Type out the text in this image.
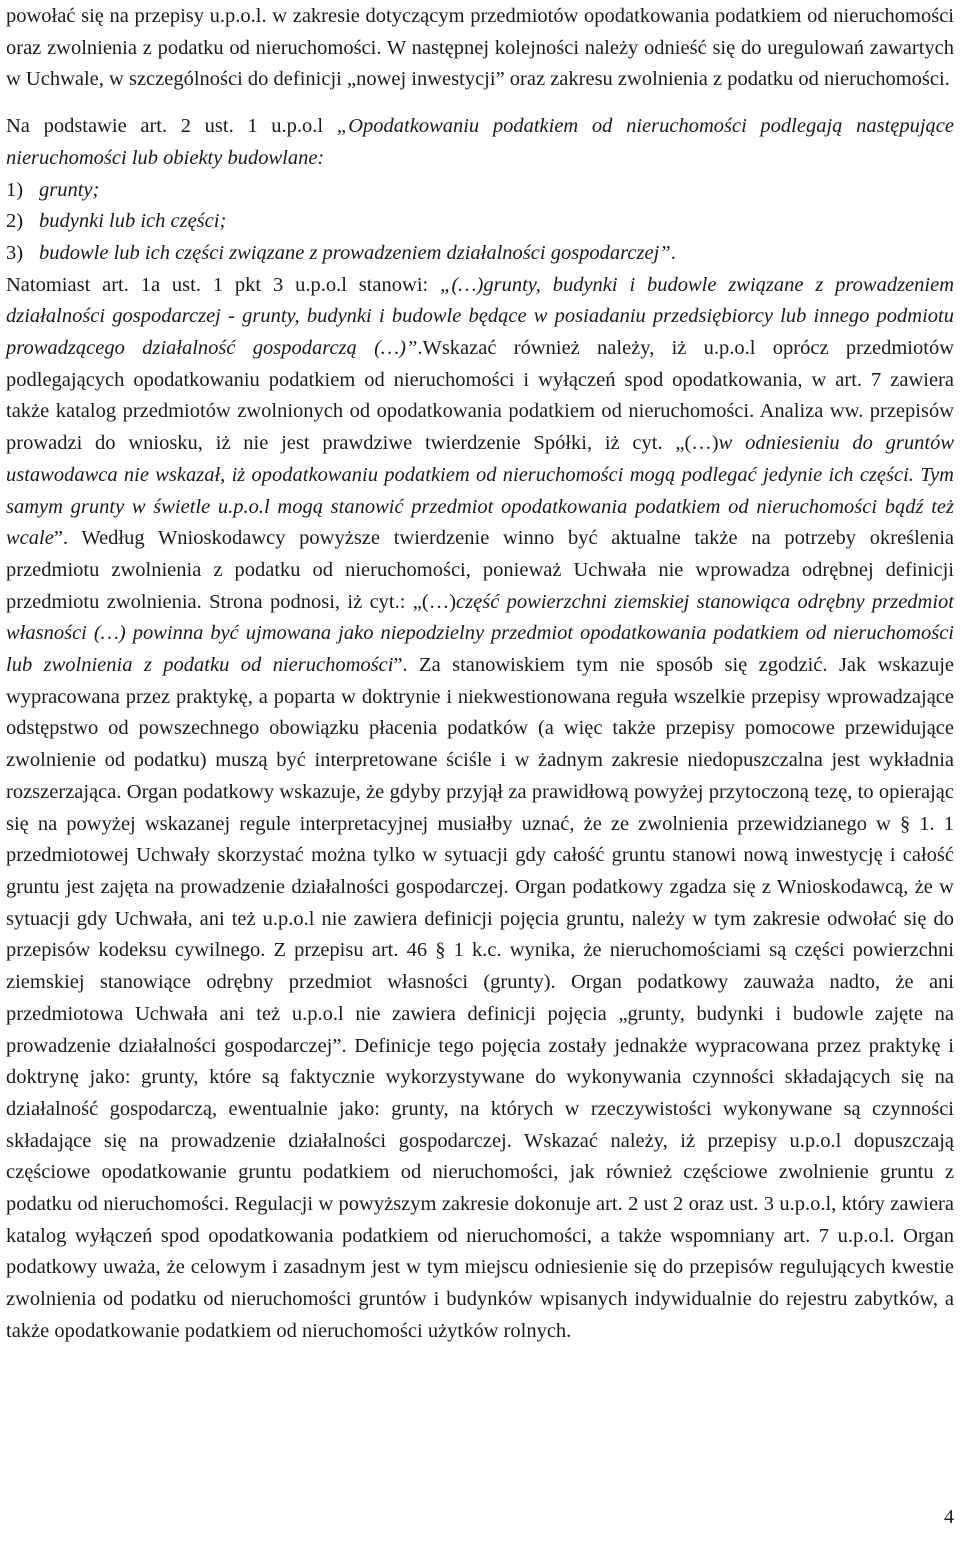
powołać się na przepisy u.p.o.l. w zakresie dotyczącym przedmiotów opodatkowania podatkiem od nieruchomości oraz zwolnienia z podatku od nieruchomości. W następnej kolejności należy odnieść się do uregulowań zawartych w Uchwale, w szczególności do definicji „nowej inwestycji” oraz zakresu zwolnienia z podatku od nieruchomości.

Na podstawie art. 2 ust. 1 u.p.o.l „Opodatkowaniu podatkiem od nieruchomości podlegają następujące nieruchomości lub obiekty budowlane:

1) grunty;
2) budynki lub ich części;
3) budowle lub ich części związane z prowadzeniem działalności gospodarczej”.

Natomiast art. 1a ust. 1 pkt 3 u.p.o.l stanowi: „(…)grunty, budynki i budowle związane z prowadzeniem działalności gospodarczej - grunty, budynki i budowle będące w posiadaniu przedsiębiorcy lub innego podmiotu prowadzącego działalność gospodarczą (…)”.Wskazać również należy, iż u.p.o.l oprócz przedmiotów podlegających opodatkowaniu podatkiem od nieruchomości i wyłączeń spod opodatkowania, w art. 7 zawiera także katalog przedmiotów zwolnionych od opodatkowania podatkiem od nieruchomości. Analiza ww. przepisów prowadzi do wniosku, iż nie jest prawdziwe twierdzenie Spółki, iż cyt. „(…)w odniesieniu do gruntów ustawodawca nie wskazał, iż opodatkowaniu podatkiem od nieruchomości mogą podlegać jedynie ich części. Tym samym grunty w świetle u.p.o.l mogą stanowić przedmiot opodatkowania podatkiem od nieruchomości bądź też wcale”. Według Wnioskodawcy powyższe twierdzenie winno być aktualne także na potrzeby określenia przedmiotu zwolnienia z podatku od nieruchomości, ponieważ Uchwała nie wprowadza odrębnej definicji przedmiotu zwolnienia. Strona podnosi, iż cyt.: „(…)część powierzchni ziemskiej stanowiąca odrębny przedmiot własności (…) powinna być ujmowana jako niepodzielny przedmiot opodatkowania podatkiem od nieruchomości lub zwolnienia z podatku od nieruchomości”. Za stanowiskiem tym nie sposób się zgodzić. Jak wskazuje wypracowana przez praktykę, a poparta w doktrynie i niekwestionowana reguła wszelkie przepisy wprowadzające odstępstwo od powszechnego obowiązku płacenia podatków (a więc także przepisy pomocowe przewidujące zwolnienie od podatku) muszą być interpretowane ściśle i w żadnym zakresie niedopuszczalna jest wykładnia rozszerzająca. Organ podatkowy wskazuje, że gdyby przyjął za prawidłową powyżej przytoczoną tezę, to opierając się na powyżej wskazanej regule interpretacyjnej musiałby uznać, że ze zwolnienia przewidzianego w § 1. 1 przedmiotowej Uchwały skorzystać można tylko w sytuacji gdy całość gruntu stanowi nową inwestycję i całość gruntu jest zajęta na prowadzenie działalności gospodarczej. Organ podatkowy zgadza się z Wnioskodawcą, że w sytuacji gdy Uchwała, ani też u.p.o.l nie zawiera definicji pojęcia gruntu, należy w tym zakresie odwołać się do przepisów kodeksu cywilnego. Z przepisu art. 46 § 1 k.c. wynika, że nieruchomościami są części powierzchni ziemskiej stanowiące odrębny przedmiot własności (grunty). Organ podatkowy zauważa nadto, że ani przedmiotowa Uchwała ani też u.p.o.l nie zawiera definicji pojęcia „grunty, budynki i budowle zajęte na prowadzenie działalności gospodarczej”. Definicje tego pojęcia zostały jednakże wypracowana przez praktykę i doktrynę jako: grunty, które są faktycznie wykorzystywane do wykonywania czynności składających się na działalność gospodarczą, ewentualnie jako: grunty, na których w rzeczywistości wykonywane są czynności składające się na prowadzenie działalności gospodarczej. Wskazać należy, iż przepisy u.p.o.l dopuszczają częściowe opodatkowanie gruntu podatkiem od nieruchomości, jak również częściowe zwolnienie gruntu z podatku od nieruchomości. Regulacji w powyższym zakresie dokonuje art. 2 ust 2 oraz ust. 3 u.p.o.l, który zawiera katalog wyłączeń spod opodatkowania podatkiem od nieruchomości, a także wspomniany art. 7 u.p.o.l. Organ podatkowy uważa, że celowym i zasadnym jest w tym miejscu odniesienie się do przepisów regulujących kwestie zwolnienia od podatku od nieruchomości gruntów i budynków wpisanych indywidualnie do rejestru zabytków, a także opodatkowanie podatkiem od nieruchomości użytków rolnych.

4
